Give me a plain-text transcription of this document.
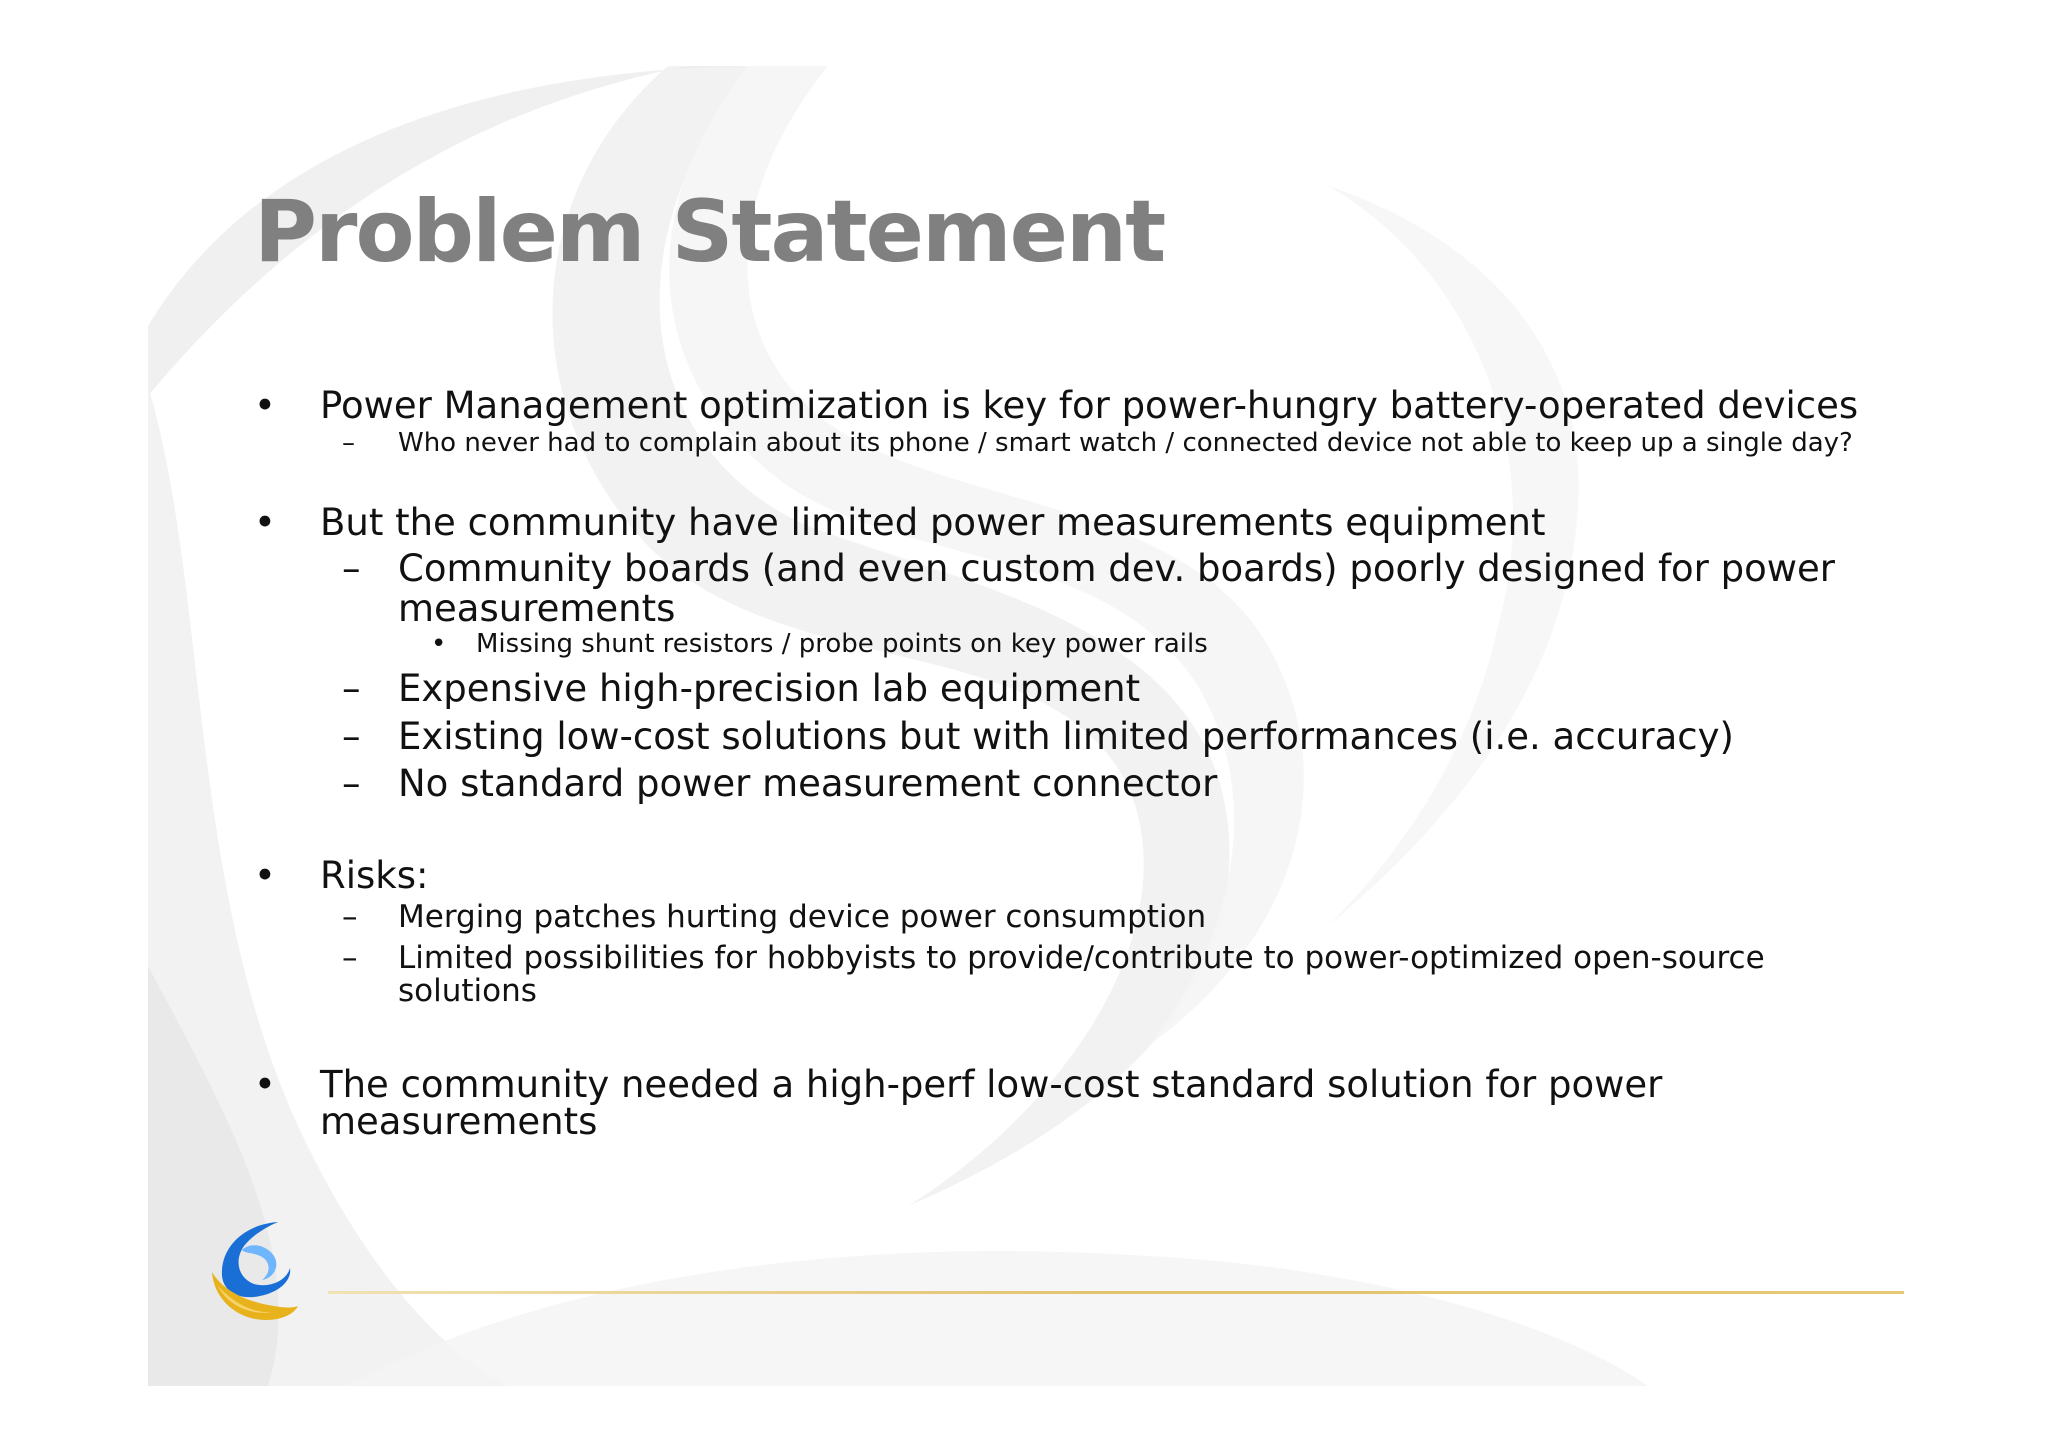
Problem Statement
• Power Management optimization is key for power-hungry battery-operated devices
– Who never had to complain about its phone / smart watch / connected device not able to keep up a single day?
• But the community have limited power measurements equipment
– Community boards (and even custom dev. boards) poorly designed for power
measurements
• Missing shunt resistors / probe points on key power rails
– Expensive high-precision lab equipment
– Existing low-cost solutions but with limited performances (i.e. accuracy)
– No standard power measurement connector
• Risks:
– Merging patches hurting device power consumption
– Limited possibilities for hobbyists to provide/contribute to power-optimized open-source
solutions
• The community needed a high-perf low-cost standard solution for power
measurements
